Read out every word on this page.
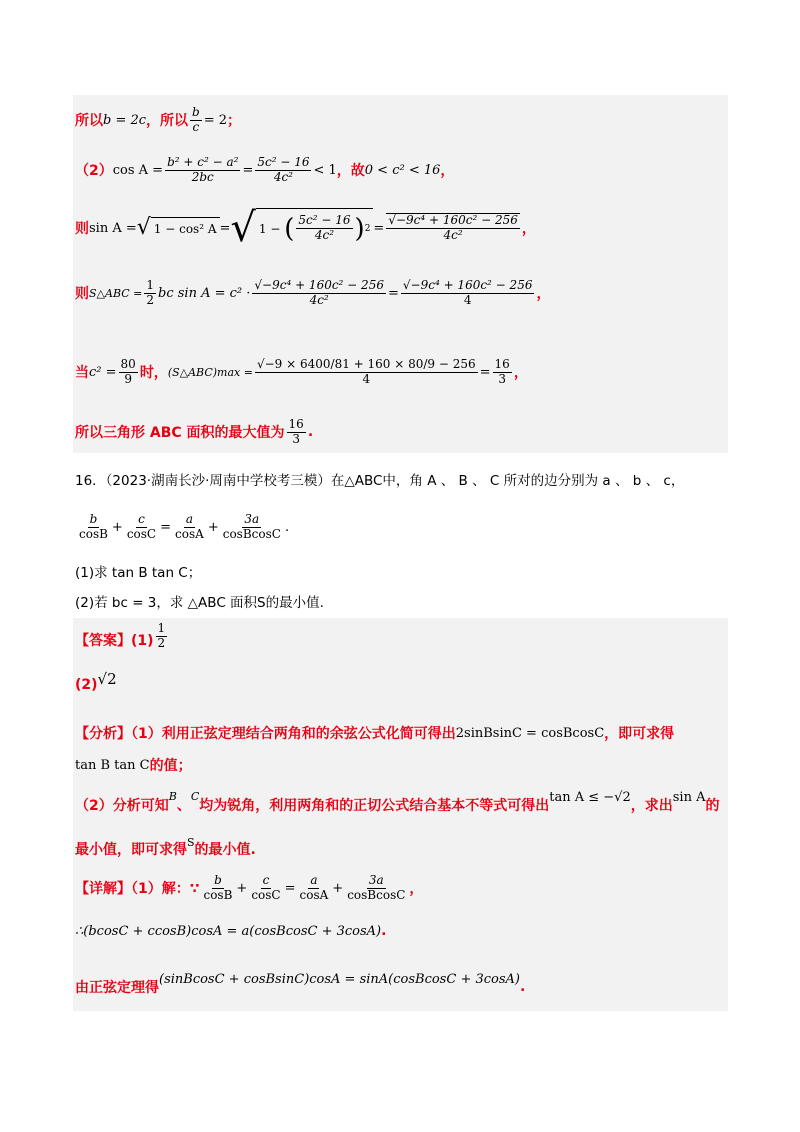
所以 b = 2c ，所以 $\frac{b}{c} = 2$ ；
（2） $\cos A = \frac{\text{b² + c² − a²}}{2bc} = \frac{\text{5c² − 16}}{\text{4c²}} < 1$ ，故 0 < c² < 16 ，
则 sin A = √ 1 − cos² A = √ 1 −
( $\frac{\text{5c² − 16}}{\text{4c²}}$ ) $2 = \frac{\text{√−9c⁴ + 160c² − 256}}{\text{4c²}}$ ，
则 S△ABC = $\frac{1}{2}$ bc $\sin A = c^2 \cdot \frac{\text{√−9c⁴ + 160c² − 256}}{\text{4c²}} = \frac{\text{√−9c⁴ + 160c² − 256}}{4}$ ，
当 $c^2 = \frac{80}{9}$ 时， (S△ABC)max = $\frac{√-9 \times 6400/81 + 160 \times 80/9 - 256}{4} = \frac{16}{3}$ ，
所以三角形 ABC 面积的最大值为 $\frac{16}{3}$ .
16．（2023·湖南长沙·周南中学校考三模）在△ABC中，角 A 、 B 、 C 所对的边分别为 a 、 b 、 c，
$\frac{b}{\cos B} + \frac{c}{\cos C} = \frac{a}{\cos A} + \frac{3a}{\text{cosBcosC}}$ .
(1)求 tan B tan C；
(2)若 bc = 3，求 △ABC 面积S的最小值.
【答案】$(1) \frac{1}{2}$
(2) √2
【分析】（1）利用正弦定理结合两角和的余弦公式化简可得出 2sinBsinC = cosBcosC ，即可求得
tan B tan C 的值；
（2）分析可知
B
、
C
均为锐角，利用两角和的正切公式结合基本不等式可得出
tan A ≤ −√2
，求出
sin A
的
最小值，即可求得 S 的最小值.
【详解】（1）解：∵ $\frac{b}{\cos B} + \frac{c}{\cos C} = \frac{a}{\cos A} + \frac{3a}{\text{cosBcosC}}$ ，
∴(bcosC + ccosB)cosA = a(cosBcosC + 3cosA) .
由正弦定理得
(sinBcosC + cosBsinC)cosA = sinA(cosBcosC + 3cosA) .
